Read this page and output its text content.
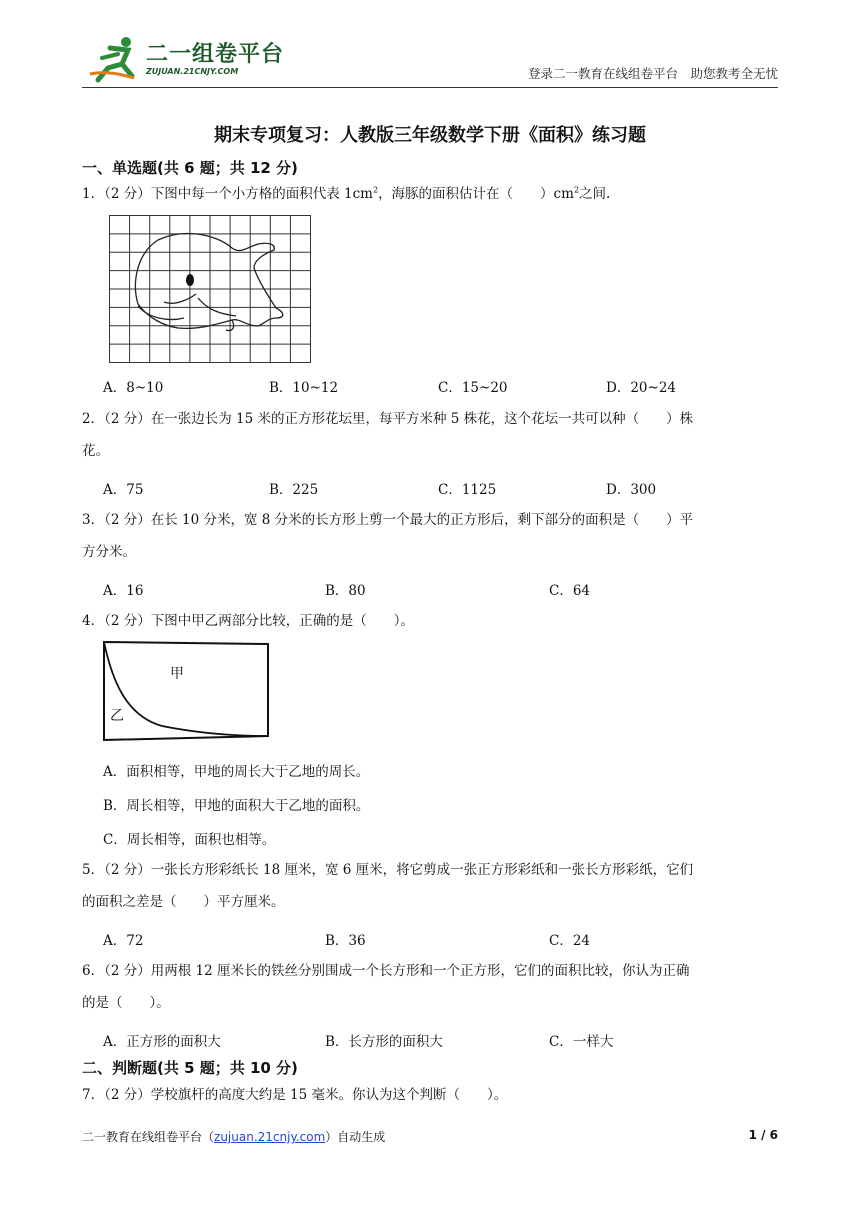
二一组卷平台
ZUJUAN.21CNJY.COM	登录二一教育在线组卷平台　助您教考全无忧
期末专项复习：人教版三年级数学下册《面积》练习题
一、单选题(共 6 题；共 12 分)
1．（2 分）下图中每一个小方格的面积代表 $1cm^2$，海豚的面积估计在（　　）$cm^2$之间.
A．8~10	B．10~12	C．15~20	D．20~24
2．（2 分）在一张边长为 15 米的正方形花坛里，每平方米种 5 株花，这个花坛一共可以种（　　）株
花。
A．75	B．225	C．1125	D．300
3．（2 分）在长 10 分米，宽 8 分米的长方形上剪一个最大的正方形后，剩下部分的面积是（　　）平
方分米。
A．16	B．80	C．64
4．（2 分）下图中甲乙两部分比较，正确的是（　　）。
甲
乙
A．面积相等，甲地的周长大于乙地的周长。
B．周长相等，甲地的面积大于乙地的面积。
C．周长相等，面积也相等。
5．（2 分）一张长方形彩纸长 18 厘米，宽 6 厘米，将它剪成一张正方形彩纸和一张长方形彩纸，它们
的面积之差是（　　）平方厘米。
A．72	B．36	C．24
6．（2 分）用两根 12 厘米长的铁丝分别围成一个长方形和一个正方形，它们的面积比较，你认为正确
的是（　　）。
A．正方形的面积大	B．长方形的面积大	C．一样大
二、判断题(共 5 题；共 10 分)
7．（2 分）学校旗杆的高度大约是 15 毫米。你认为这个判断（　　）。
二一教育在线组卷平台（zujuan.21cnjy.com）自动生成	1 / 6
